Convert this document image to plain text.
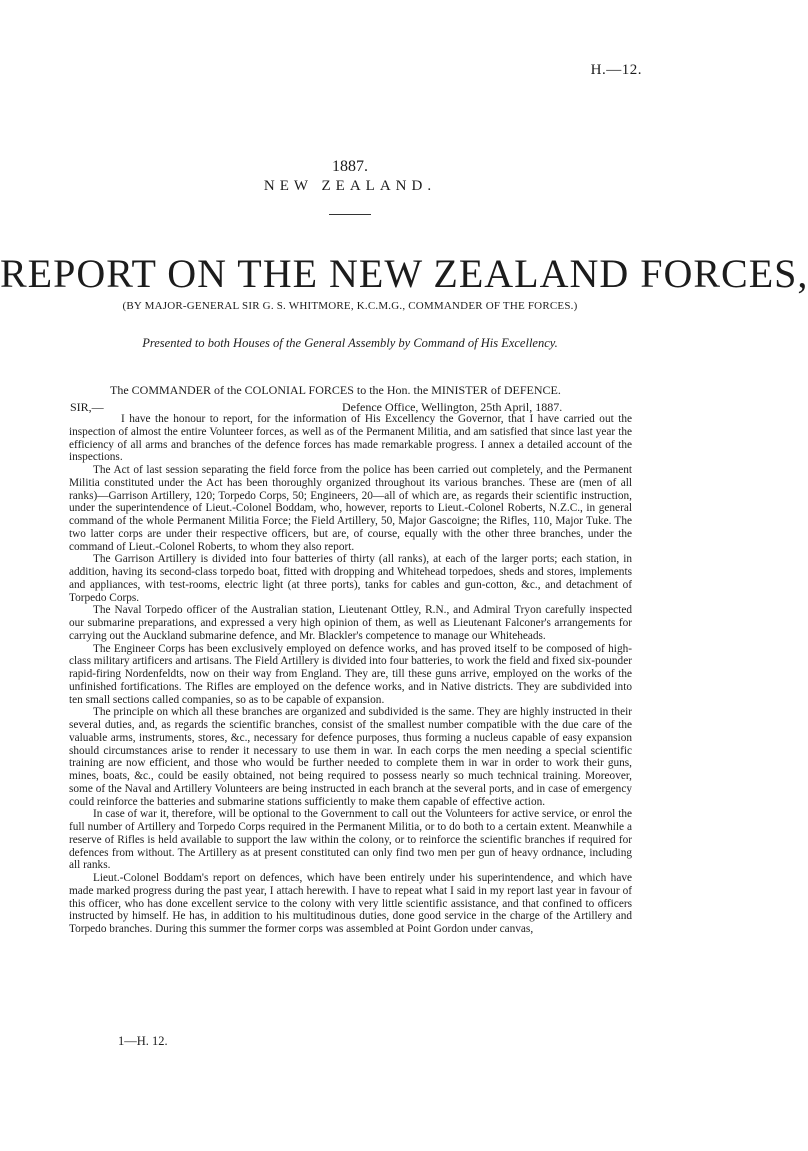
H.—12.
1887.
NEW ZEALAND.
REPORT ON THE NEW ZEALAND FORCES,
(BY MAJOR-GENERAL SIR G. S. WHITMORE, K.C.M.G., COMMANDER OF THE FORCES.)
Presented to both Houses of the General Assembly by Command of His Excellency.
The COMMANDER of the COLONIAL FORCES to the Hon. the MINISTER of DEFENCE.
SIR,—	Defence Office, Wellington, 25th April, 1887.

I have the honour to report, for the information of His Excellency the Governor, that I have carried out the inspection of almost the entire Volunteer forces, as well as of the Permanent Militia, and am satisfied that since last year the efficiency of all arms and branches of the defence forces has made remarkable progress. I annex a detailed account of the inspections.

The Act of last session separating the field force from the police has been carried out completely, and the Permanent Militia constituted under the Act has been thoroughly organized throughout its various branches. These are (men of all ranks)—Garrison Artillery, 120; Torpedo Corps, 50; Engineers, 20—all of which are, as regards their scientific instruction, under the superintendence of Lieut.-Colonel Boddam, who, however, reports to Lieut.-Colonel Roberts, N.Z.C., in general command of the whole Permanent Militia Force; the Field Artillery, 50, Major Gascoigne; the Rifles, 110, Major Tuke. The two latter corps are under their respective officers, but are, of course, equally with the other three branches, under the command of Lieut.-Colonel Roberts, to whom they also report.

The Garrison Artillery is divided into four batteries of thirty (all ranks), at each of the larger ports; each station, in addition, having its second-class torpedo boat, fitted with dropping and Whitehead torpedoes, sheds and stores, implements and appliances, with test-rooms, electric light (at three ports), tanks for cables and gun-cotton, &c., and detachment of Torpedo Corps.

The Naval Torpedo officer of the Australian station, Lieutenant Ottley, R.N., and Admiral Tryon carefully inspected our submarine preparations, and expressed a very high opinion of them, as well as Lieutenant Falconer's arrangements for carrying out the Auckland submarine defence, and Mr. Blackler's competence to manage our Whiteheads.

The Engineer Corps has been exclusively employed on defence works, and has proved itself to be composed of high-class military artificers and artisans. The Field Artillery is divided into four batteries, to work the field and fixed six-pounder rapid-firing Nordenfeldts, now on their way from England. They are, till these guns arrive, employed on the works of the unfinished fortifications. The Rifles are employed on the defence works, and in Native districts. They are subdivided into ten small sections called companies, so as to be capable of expansion.

The principle on which all these branches are organized and subdivided is the same. They are highly instructed in their several duties, and, as regards the scientific branches, consist of the smallest number compatible with the due care of the valuable arms, instruments, stores, &c., necessary for defence purposes, thus forming a nucleus capable of easy expansion should circumstances arise to render it necessary to use them in war. In each corps the men needing a special scientific training are now efficient, and those who would be further needed to complete them in war in order to work their guns, mines, boats, &c., could be easily obtained, not being required to possess nearly so much technical training. Moreover, some of the Naval and Artillery Volunteers are being instructed in each branch at the several ports, and in case of emergency could reinforce the batteries and submarine stations sufficiently to make them capable of effective action.

In case of war it, therefore, will be optional to the Government to call out the Volunteers for active service, or enrol the full number of Artillery and Torpedo Corps required in the Permanent Militia, or to do both to a certain extent. Meanwhile a reserve of Rifles is held available to support the law within the colony, or to reinforce the scientific branches if required for defences from without. The Artillery as at present constituted can only find two men per gun of heavy ordnance, including all ranks.

Lieut.-Colonel Boddam's report on defences, which have been entirely under his superintendence, and which have made marked progress during the past year, I attach herewith. I have to repeat what I said in my report last year in favour of this officer, who has done excellent service to the colony with very little scientific assistance, and that confined to officers instructed by himself. He has, in addition to his multitudinous duties, done good service in the charge of the Artillery and Torpedo branches. During this summer the former corps was assembled at Point Gordon under canvas,

1—H. 12.
